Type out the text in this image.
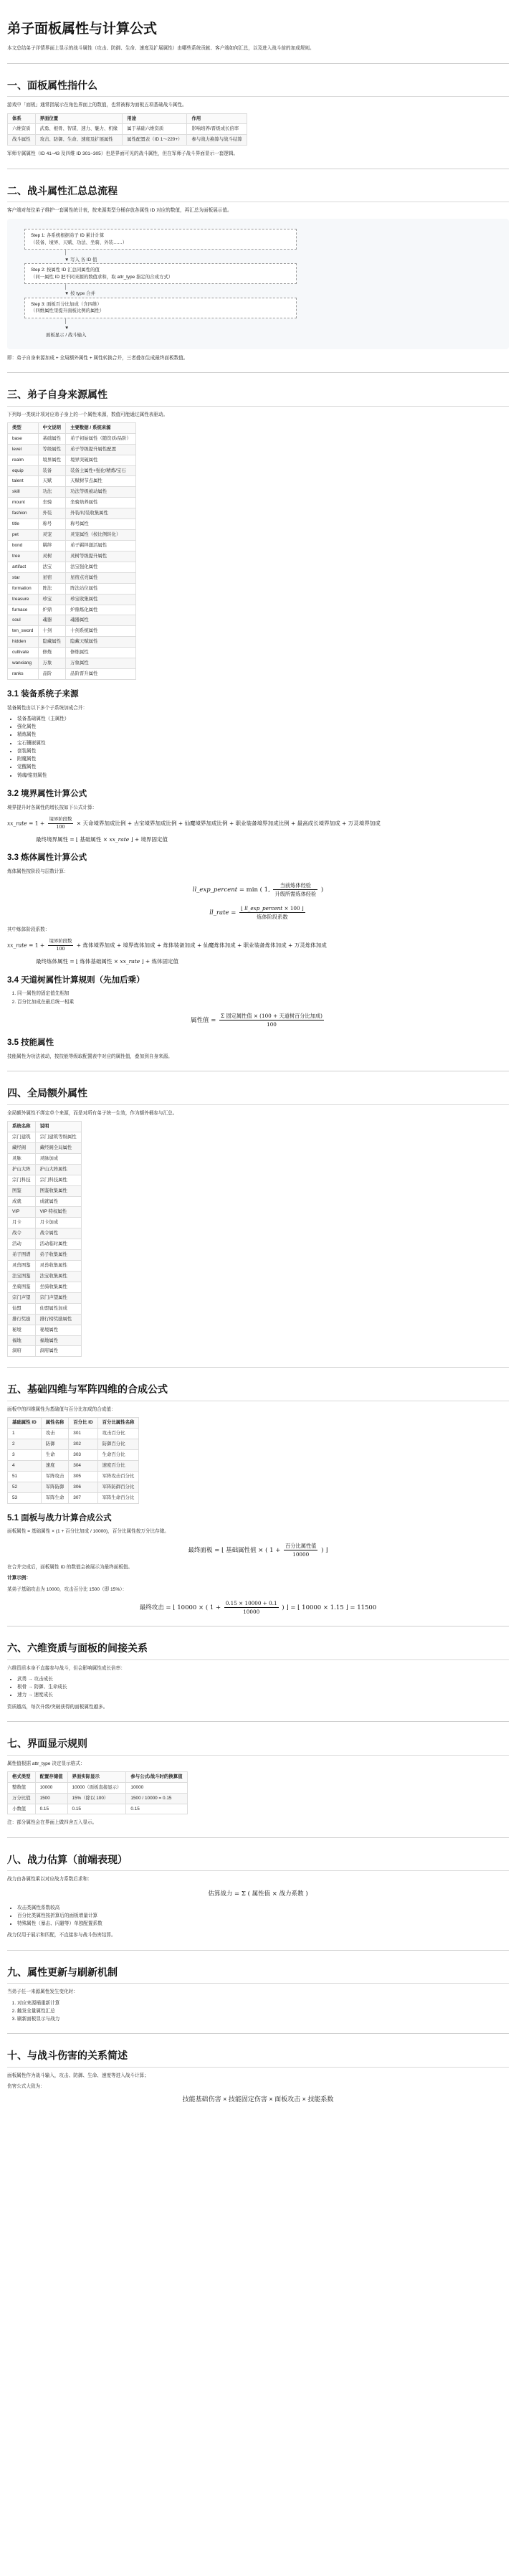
弟子面板属性与计算公式

本文总结弟子详情界面上显示的战斗属性（攻击、防御、生命、速度及扩展属性）由哪些系统贡献、客户端如何汇总，以及进入战斗前的加成规则。

一、面板属性指什么

游戏中「面板」通常指展示在角色界面上的数值，也常被称为面板五项基础战斗属性。

体系	界面位置	用途	作用
六维资质	武勇、根骨、智谋、速力、魅力、机缘	属于基础六维资质	影响培养/晋级成长倍率
战斗属性	攻击、防御、生命、速度及扩展属性	属性配置表（ID 1～220+）	参与战力换算与战斗结算

军师专属属性（ID 41~43 及四维 ID 301~305）也是界面可见的战斗属性，但在军师子战斗界面显示一套逻辑。

二、战斗属性汇总总流程

客户端对每位弟子维护一套属性统计表，按来源类型分桶存放各属性 ID 对应的数值，再汇总为面板展示值。

Step 1: 各系统根据弟子 ID 累计计算
（装备、境界、天赋、功法、坐骑、外装……）
│
▼ 写入 各 ID 值
Step 2: 按属性 ID 汇总同属性的值
（同一属性 ID 把不同来源的数值求和，取 attr_type 指定的合成方式）
│
▼ 按 type 合并
Step 3: 面板百分比加成（含四维）
（四维属性里提升面板比例的属性）
│
▼
面板显示 / 战斗输入

即：弟子自身来源加成 + 全局额外属性 + 属性转换合并，三者叠加生成最终面板数值。

三、弟子自身来源属性

下列每一类统计项对应弟子身上的一个属性来源，数值可能通过属性表驱动。

类型	中文说明	主要数据 / 系统来源
base	基础属性	弟子初始属性（随资质/品阶）
level	等级属性	弟子等级提升属性配置
realm	境界属性	境界突破属性
equip	装备	装备主属性+强化/精炼/宝石
talent	天赋	天赋树节点属性
skill	功法	功法等级被动属性
mount	坐骑	坐骑培养属性
fashion	外装	外装/时装收集属性
title	称号	称号属性
pet	灵宠	灵宠属性（按比例转化）
bond	羁绊	弟子羁绊激活属性
tree	灵树	灵树等级提升属性
artifact	法宝	法宝强化属性
star	星宿	星宿点亮属性
formation	阵法	阵法站位属性
treasure	珍宝	珍宝收集属性
furnace	炉鼎	炉鼎炼化属性
soul	魂器	魂器属性
ten_sword	十剑	十剑系统属性
hidden	隐藏属性	隐藏天赋属性
cultivate	修炼	修炼属性
wanxiang	万象	万象属性
ranks	品阶	品阶晋升属性
3.1 装备系统子来源

装备属性由以下多个子系统加成合并：

• 装备基础属性（主属性）
• 强化属性
• 精炼属性
• 宝石镶嵌属性
• 套装属性
• 附魔属性
• 觉醒属性
• 铸魂/铭刻属性
3.2 境界属性计算公式

境界提升时各属性的增长按如下公式计算：

xx_rate = $1 + \frac{\text{境界阶段数}}{100}$ × 天命境界加成比例 + 古宝境界加成比例 + 仙魔境界加成比例 + 职业装备境界加成比例 + 最高成长境界加成 + 万灵境界加成
最终境界属性 = ⌊ 基础属性 × xx_rate ⌋ + 境界固定值
3.3 炼体属性计算公式

炼体属性按阶段与层数计算：

ll_exp_percent = min ( 1, $\frac{\text{当前炼体经验}}{\text{升级所需炼体经验}}$ )
ll_rate = $\frac{\text{⌊ ll\_exp\_percent × 100 ⌋}}{\text{炼体阶段系数}}$

其中炼体阶段系数：

xx_rate = $1 + \frac{\text{境界阶段数}}{100}$ + 炼体境界加成 + 境界炼体加成 + 炼体装备加成 + 仙魔炼体加成 + 职业装备炼体加成 + 万灵炼体加成
最终炼体属性 = ⌊ 炼体基础属性 × xx_rate ⌋ + 炼体固定值
3.4 天道树属性计算规则（先加后乘）
1. 同一属性的固定值先相加
2. 百分比加成在最后统一相乘
属性值 = $\frac{\text{Σ 固定属性值 × (100 + 天道树百分比加成)}}{100}$
3.5 技能属性

技能属性为功法被动，按技能等级取配置表中对应的属性值，叠加到自身来源。

四、全局额外属性

全局额外属性不绑定单个来源，而是对所有弟子统一生效，作为额外桶参与汇总。

系统名称	说明
宗门建筑	宗门建筑等级属性
藏经阁	藏经阁全局属性
灵脉	灵脉加成
护山大阵	护山大阵属性
宗门科技	宗门科技属性
图鉴	图鉴收集属性
成就	成就属性
VIP	VIP 特权属性
月卡	月卡加成
战令	战令属性
活动	活动临时属性
弟子图谱	弟子收集属性
灵兽图鉴	灵兽收集属性
法宝图鉴	法宝收集属性
坐骑图鉴	坐骑收集属性
宗门声望	宗门声望属性
仙盟	仙盟属性加成
排行奖励	排行榜奖励属性
秘境	秘境属性
福地	福地属性
洞府	洞府属性
五、基础四维与军阵四维的合成公式

面板中的四维属性为基础值与百分比加成的合成值：

基础属性 ID	属性名称	百分比 ID	百分比属性名称
1	攻击	301	攻击百分比
2	防御	302	防御百分比
3	生命	303	生命百分比
4	速度	304	速度百分比
51	军阵攻击	305	军阵攻击百分比
52	军阵防御	306	军阵防御百分比
53	军阵生命	307	军阵生命百分比
5.1 面板与战力计算合成公式

面板属性 = 基础属性 × (1 + 百分比加成 / 10000)，百分比属性按万分比存储。

最终面板 = ⌊ 基础属性值 × ( $1 + \frac{\text{百分比属性值}}{10000}$ ) ⌋

在合并完成后，面板属性 ID 的数值会被展示为最终面板值。

计算示例：

某弟子基础攻击为 10000，攻击百分比 1500（即 15%）：

最终攻击 = ⌊ 10000 × ( $1 + \frac{0.15 \times 10000 + 0.1}{10000}$ ) ⌋ = ⌊ 10000 × 1.15 ⌋ = 11500
六、六维资质与面板的间接关系

六维资质本身不直接参与战斗，但会影响属性成长倍率：

• 武勇 → 攻击成长
• 根骨 → 防御、生命成长
• 速力 → 速度成长

资质越高，每次升级/突破获得的面板属性越多。

七、界面显示规则

属性值根据 attr_type 决定显示格式：

格式类型	配置存储值	界面实际显示	参与公式/战斗时的换算值
整数值	10000	10000（面板直接显示）	10000
万分比值	1500	15%（除以 100）	1500 / 10000 = 0.15
小数值	0.15	0.15	0.15

注：部分属性会在界面上做四舍五入显示。

八、战力估算（前端表现）

战力由各属性乘以对应战力系数后求和：

估算战力 = Σ ( 属性值 × 战力系数 )
• 攻击类属性系数较高
• 百分比类属性按折算后的面板增量计算
• 特殊属性（暴击、闪避等）单独配置系数

战力仅用于展示和匹配，不直接参与战斗伤害结算。

九、属性更新与刷新机制

当弟子任一来源属性发生变化时：

1. 对应来源桶重新计算
2. 触发全量属性汇总
3. 刷新面板显示与战力
十、与战斗伤害的关系简述

面板属性作为战斗输入，攻击、防御、生命、速度等进入战斗计算；

伤害公式大致为：

技能基础伤害 × 技能固定伤害 × 面板攻击 × 技能系数
